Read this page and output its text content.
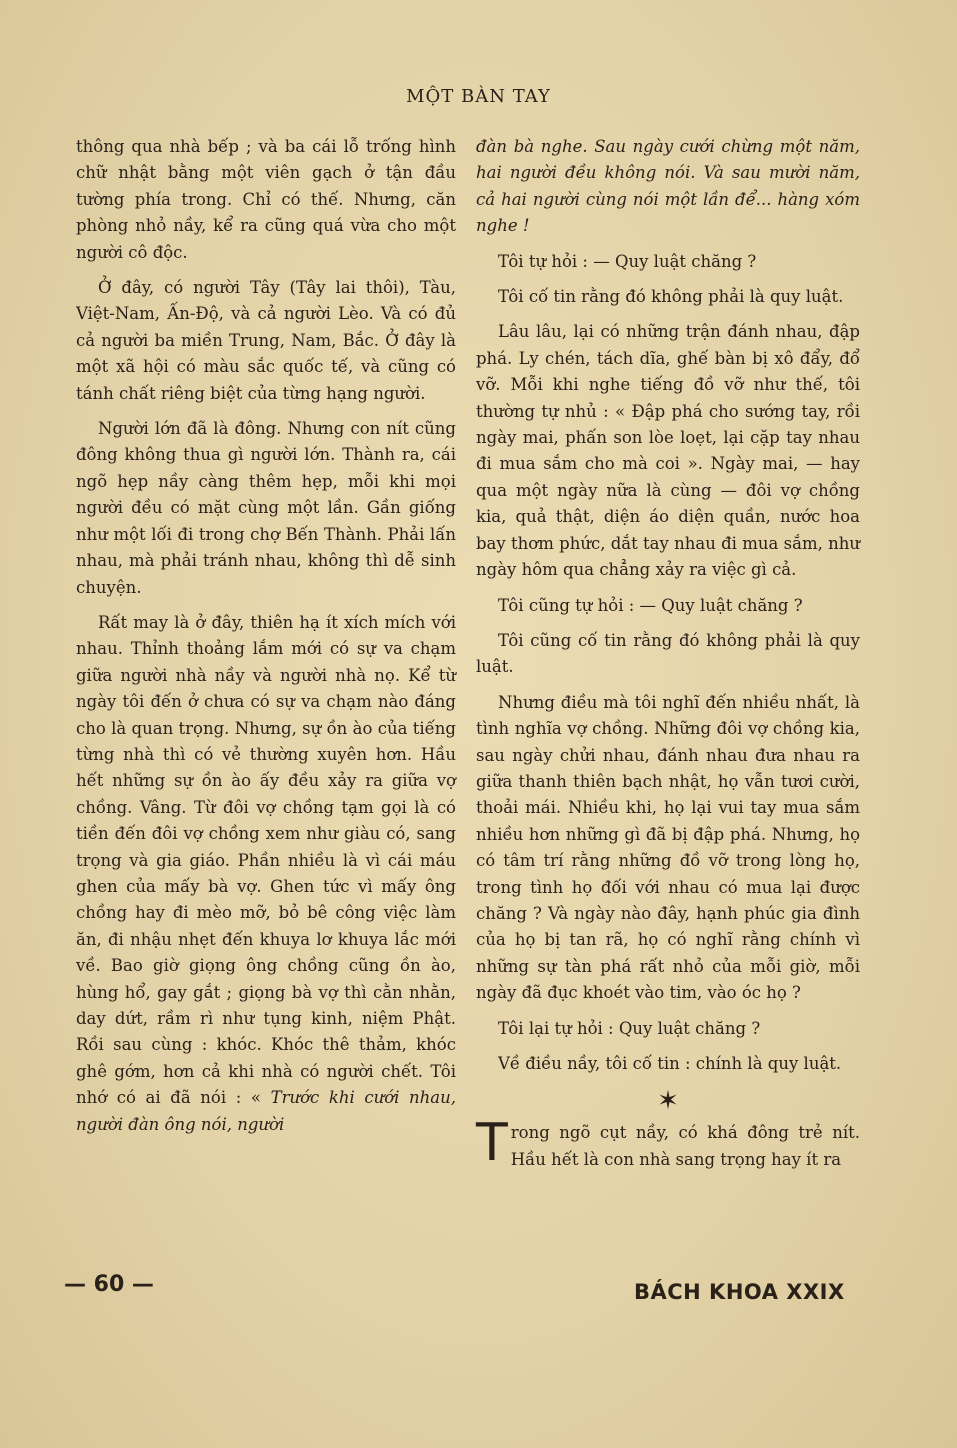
MỘT BÀN TAY

thông qua nhà bếp ; và ba cái lỗ trống hình chữ nhật bằng một viên gạch ở tận đầu tường phía trong. Chỉ có thế. Nhưng, căn phòng nhỏ nầy, kể ra cũng quá vừa cho một người cô độc.

Ở đây, có người Tây (Tây lai thôi), Tàu, Việt-Nam, Ấn-Độ, và cả người Lèo. Và có đủ cả người ba miền Trung, Nam, Bắc. Ở đây là một xã hội có màu sắc quốc tế, và cũng có tánh chất riêng biệt của từng hạng người.

Người lớn đã là đông. Nhưng con nít cũng đông không thua gì người lớn. Thành ra, cái ngõ hẹp nầy càng thêm hẹp, mỗi khi mọi người đều có mặt cùng một lần. Gần giống như một lối đi trong chợ Bến Thành. Phải lấn nhau, mà phải tránh nhau, không thì dễ sinh chuyện.

Rất may là ở đây, thiên hạ ít xích mích với nhau. Thỉnh thoảng lắm mới có sự va chạm giữa người nhà nầy và người nhà nọ. Kể từ ngày tôi đến ở chưa có sự va chạm nào đáng cho là quan trọng. Nhưng, sự ồn ào của tiếng từng nhà thì có vẻ thường xuyên hơn. Hầu hết những sự ồn ào ấy đều xảy ra giữa vợ chồng. Vâng. Từ đôi vợ chồng tạm gọi là có tiền đến đôi vợ chồng xem như giàu có, sang trọng và gia giáo. Phần nhiều là vì cái máu ghen của mấy bà vợ. Ghen tức vì mấy ông chồng hay đi mèo mỡ, bỏ bê công việc làm ăn, đi nhậu nhẹt đến khuya lơ khuya lắc mới về. Bao giờ giọng ông chồng cũng ồn ào, hùng hổ, gay gắt ; giọng bà vợ thì cằn nhằn, day dứt, rầm rì như tụng kinh, niệm Phật. Rồi sau cùng : khóc. Khóc thê thảm, khóc ghê gớm, hơn cả khi nhà có người chết. Tôi nhớ có ai đã nói : « Trước khi cưới nhau, người đàn ông nói, người

đàn bà nghe. Sau ngày cưới chừng một năm, hai người đều không nói. Và sau mười năm, cả hai người cùng nói một lần để... hàng xóm nghe !

Tôi tự hỏi : — Quy luật chăng ?

Tôi cố tin rằng đó không phải là quy luật.

Lâu lâu, lại có những trận đánh nhau, đập phá. Ly chén, tách dĩa, ghế bàn bị xô đẩy, đổ vỡ. Mỗi khi nghe tiếng đồ vỡ như thế, tôi thường tự nhủ : « Đập phá cho sướng tay, rồi ngày mai, phấn son lòe loẹt, lại cặp tay nhau đi mua sắm cho mà coi ». Ngày mai, — hay qua một ngày nữa là cùng — đôi vợ chồng kia, quả thật, diện áo diện quần, nước hoa bay thơm phức, dắt tay nhau đi mua sắm, như ngày hôm qua chẳng xảy ra việc gì cả.

Tôi cũng tự hỏi : — Quy luật chăng ?

Tôi cũng cố tin rằng đó không phải là quy luật.

Nhưng điều mà tôi nghĩ đến nhiều nhất, là tình nghĩa vợ chồng. Những đôi vợ chồng kia, sau ngày chửi nhau, đánh nhau đưa nhau ra giữa thanh thiên bạch nhật, họ vẫn tươi cười, thoải mái. Nhiều khi, họ lại vui tay mua sắm nhiều hơn những gì đã bị đập phá. Nhưng, họ có tâm trí rằng những đồ vỡ trong lòng họ, trong tình họ đối với nhau có mua lại được chăng ? Và ngày nào đây, hạnh phúc gia đình của họ bị tan rã, họ có nghĩ rằng chính vì những sự tàn phá rất nhỏ của mỗi giờ, mỗi ngày đã đục khoét vào tim, vào óc họ ?

Tôi lại tự hỏi : Quy luật chăng ?

Về điều nầy, tôi cố tin : chính là quy luật.

✶

Trong ngõ cụt nầy, có khá đông trẻ nít. Hầu hết là con nhà sang trọng hay ít ra

— 60 —	BÁCH KHOA XXIX
